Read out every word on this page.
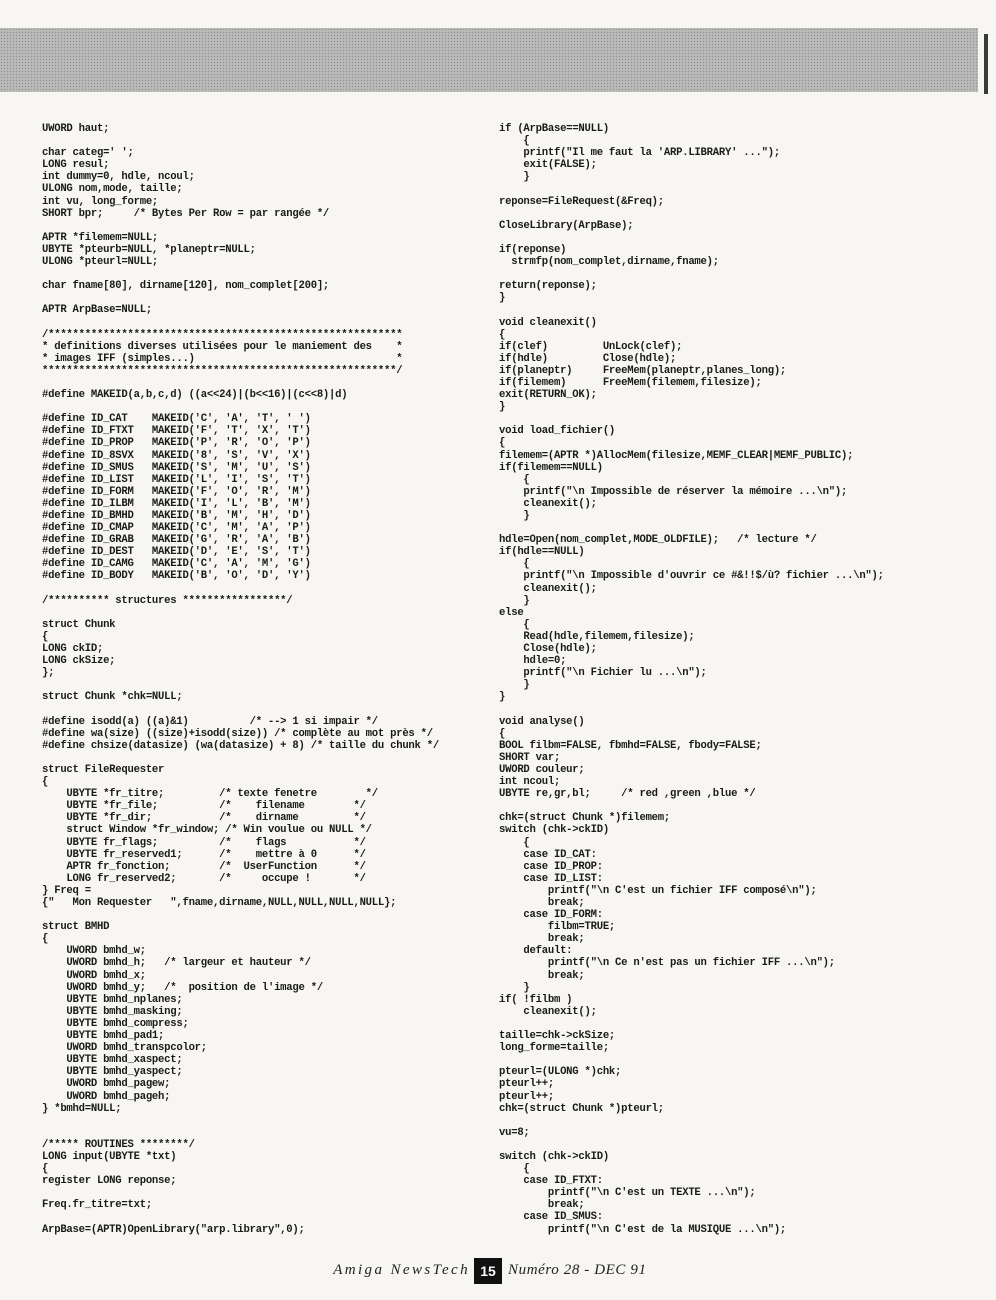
UWORD haut;

char categ=' ';
LONG resul;
int dummy=0, hdle, ncoul;
ULONG nom,mode, taille;
int vu, long_forme;
SHORT bpr;     /* Bytes Per Row = par rangée */

APTR *filemem=NULL;
UBYTE *pteurb=NULL, *planeptr=NULL;
ULONG *pteurl=NULL;

char fname[80], dirname[120], nom_complet[200];

APTR ArpBase=NULL;

/**********************************************************
* definitions diverses utilisées pour le maniement des    *
* images IFF (simples...)                                 *
**********************************************************/

#define MAKEID(a,b,c,d) ((a<<24)|(b<<16)|(c<<8)|d)

#define ID_CAT    MAKEID('C', 'A', 'T', ' ')
#define ID_FTXT   MAKEID('F', 'T', 'X', 'T')
#define ID_PROP   MAKEID('P', 'R', 'O', 'P')
#define ID_8SVX   MAKEID('8', 'S', 'V', 'X')
#define ID_SMUS   MAKEID('S', 'M', 'U', 'S')
#define ID_LIST   MAKEID('L', 'I', 'S', 'T')
#define ID_FORM   MAKEID('F', 'O', 'R', 'M')
#define ID_ILBM   MAKEID('I', 'L', 'B', 'M')
#define ID_BMHD   MAKEID('B', 'M', 'H', 'D')
#define ID_CMAP   MAKEID('C', 'M', 'A', 'P')
#define ID_GRAB   MAKEID('G', 'R', 'A', 'B')
#define ID_DEST   MAKEID('D', 'E', 'S', 'T')
#define ID_CAMG   MAKEID('C', 'A', 'M', 'G')
#define ID_BODY   MAKEID('B', 'O', 'D', 'Y')

/********** structures *****************/

struct Chunk
{
LONG ckID;
LONG ckSize;
};

struct Chunk *chk=NULL;

#define isodd(a) ((a)&1)          /* --> 1 si impair */
#define wa(size) ((size)+isodd(size)) /* complète au mot près */
#define chsize(datasize) (wa(datasize) + 8) /* taille du chunk */

struct FileRequester
{
UBYTE *fr_titre;         /* texte fenetre        */
UBYTE *fr_file;          /*    filename        */
UBYTE *fr_dir;           /*    dirname         */
struct Window *fr_window; /* Win voulue ou NULL */
UBYTE fr_flags;          /*    flags           */
UBYTE fr_reserved1;      /*    mettre à 0      */
APTR fr_fonction;        /*  UserFunction      */
LONG fr_reserved2;       /*     occupe !       */
} Freq =
{"   Mon Requester   ",fname,dirname,NULL,NULL,NULL,NULL};

struct BMHD
{
UWORD bmhd_w;
UWORD bmhd_h;   /* largeur et hauteur */
UWORD bmhd_x;
UWORD bmhd_y;   /*  position de l'image */
UBYTE bmhd_nplanes;
UBYTE bmhd_masking;
UBYTE bmhd_compress;
UBYTE bmhd_pad1;
UWORD bmhd_transpcolor;
UBYTE bmhd_xaspect;
UBYTE bmhd_yaspect;
UWORD bmhd_pagew;
UWORD bmhd_pageh;
} *bmhd=NULL;

/***** ROUTINES ********/
LONG input(UBYTE *txt)
{
register LONG reponse;

Freq.fr_titre=txt;

ArpBase=(APTR)OpenLibrary("arp.library",0);

if (ArpBase==NULL)
{
printf("Il me faut la 'ARP.LIBRARY' ...");
exit(FALSE);
}

reponse=FileRequest(&Freq);

CloseLibrary(ArpBase);

if(reponse)
strmfp(nom_complet,dirname,fname);

return(reponse);
}

void cleanexit()
{
if(clef)         UnLock(clef);
if(hdle)         Close(hdle);
if(planeptr)     FreeMem(planeptr,planes_long);
if(filemem)      FreeMem(filemem,filesize);
exit(RETURN_OK);
}

void load_fichier()
{
filemem=(APTR *)AllocMem(filesize,MEMF_CLEAR|MEMF_PUBLIC);
if(filemem==NULL)
{
printf("\n Impossible de réserver la mémoire ...\n");
cleanexit();
}

hdle=Open(nom_complet,MODE_OLDFILE);   /* lecture */
if(hdle==NULL)
{
printf("\n Impossible d'ouvrir ce #&!!$/ù? fichier ...\n");
cleanexit();
}
else
{
Read(hdle,filemem,filesize);
Close(hdle);
hdle=0;
printf("\n Fichier lu ...\n");
}
}

void analyse()
{
BOOL filbm=FALSE, fbmhd=FALSE, fbody=FALSE;
SHORT var;
UWORD couleur;
int ncoul;
UBYTE re,gr,bl;     /* red ,green ,blue */

chk=(struct Chunk *)filemem;
switch (chk->ckID)
{
case ID_CAT:
case ID_PROP:
case ID_LIST:
printf("\n C'est un fichier IFF composé\n");
break;
case ID_FORM:
filbm=TRUE;
break;
default:
printf("\n Ce n'est pas un fichier IFF ...\n");
break;
}
if( !filbm )
cleanexit();

taille=chk->ckSize;
long_forme=taille;

pteurl=(ULONG *)chk;
pteurl++;
pteurl++;
chk=(struct Chunk *)pteurl;

vu=8;

switch (chk->ckID)
{
case ID_FTXT:
printf("\n C'est un TEXTE ...\n");
break;
case ID_SMUS:
printf("\n C'est de la MUSIQUE ...\n");

Amiga NewsTech 15 Numéro 28 - DEC 91
